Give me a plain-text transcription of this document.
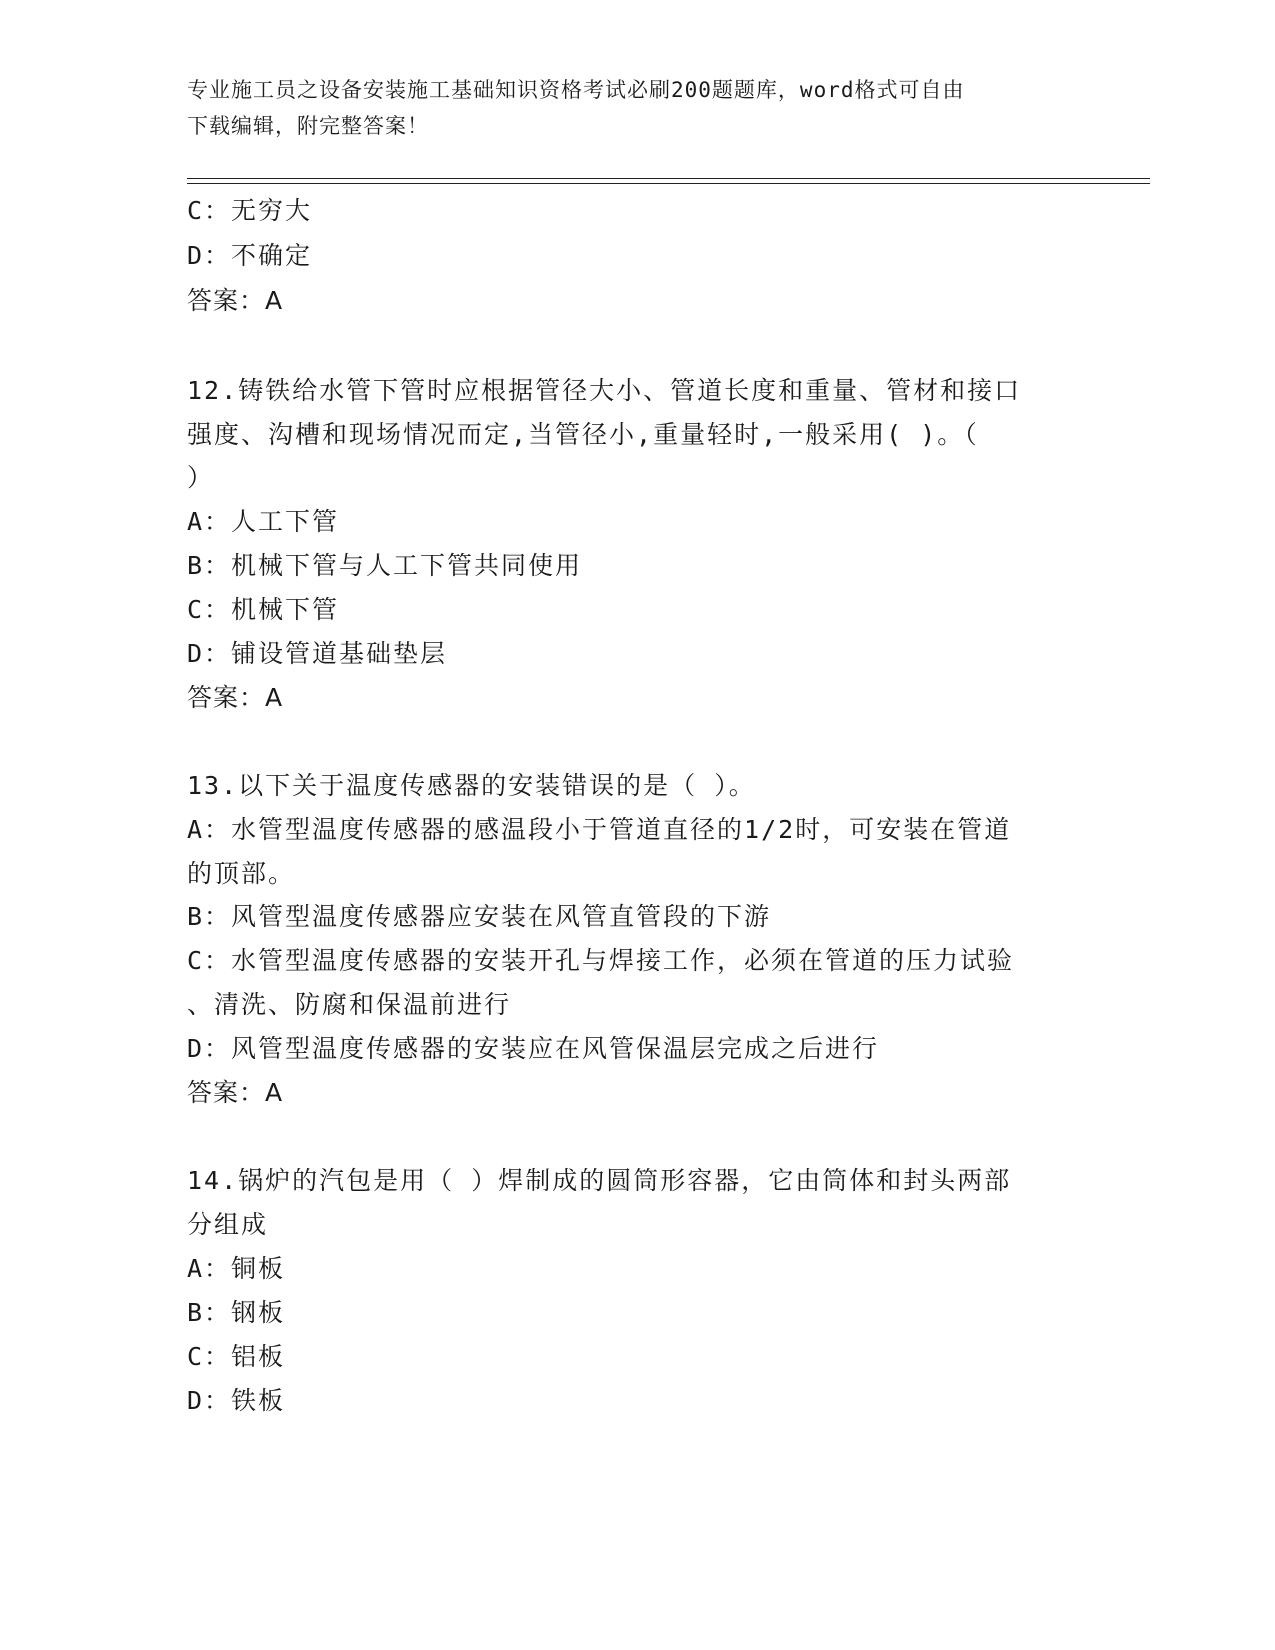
专业施工员之设备安装施工基础知识资格考试必刷200题题库，word格式可自由
下载编辑，附完整答案！
C：无穷大
D：不确定
答案：A
12.铸铁给水管下管时应根据管径大小、管道长度和重量、管材和接口
强度、沟槽和现场情况而定,当管径小,重量轻时,一般采用( )。（
）
A：人工下管
B：机械下管与人工下管共同使用
C：机械下管
D：铺设管道基础垫层
答案：A
13.以下关于温度传感器的安装错误的是（ ）。
A：水管型温度传感器的感温段小于管道直径的1/2时，可安装在管道
的顶部。
B：风管型温度传感器应安装在风管直管段的下游
C：水管型温度传感器的安装开孔与焊接工作，必须在管道的压力试验
、清洗、防腐和保温前进行
D：风管型温度传感器的安装应在风管保温层完成之后进行
答案：A
14.锅炉的汽包是用（ ）焊制成的圆筒形容器，它由筒体和封头两部
分组成
A：铜板
B：钢板
C：铝板
D：铁板
